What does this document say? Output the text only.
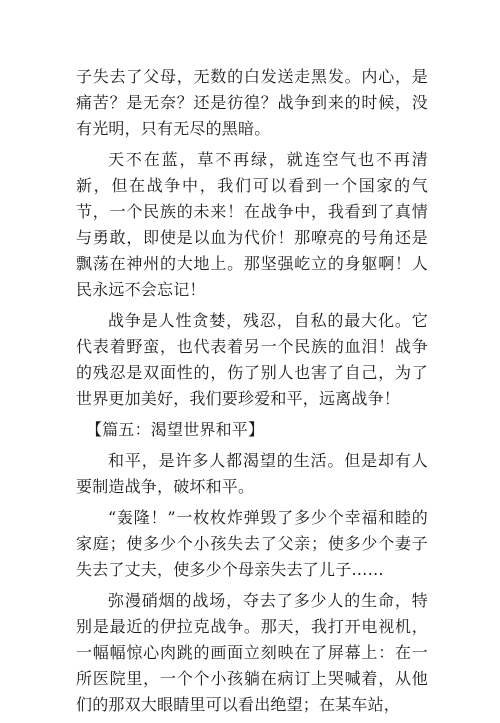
子失去了父母，无数的白发送走黑发。内心，是痛苦？是无奈？还是彷徨？战争到来的时候，没有光明，只有无尽的黑暗。

天不在蓝，草不再绿，就连空气也不再清新，但在战争中，我们可以看到一个国家的气节，一个民族的未来！在战争中，我看到了真情与勇敢，即使是以血为代价！那嘹亮的号角还是飘荡在神州的大地上。那坚强屹立的身躯啊！人民永远不会忘记！

战争是人性贪婪，残忍，自私的最大化。它代表着野蛮，也代表着另一个民族的血泪！战争的残忍是双面性的，伤了别人也害了自己，为了世界更加美好，我们要珍爱和平，远离战争！

【篇五：渴望世界和平】

和平，是许多人都渴望的生活。但是却有人要制造战争，破坏和平。

“轰隆！”一枚枚炸弹毁了多少个幸福和睦的家庭；使多少个小孩失去了父亲；使多少个妻子失去了丈夫，使多少个母亲失去了儿子……

弥漫硝烟的战场，夺去了多少人的生命，特别是最近的伊拉克战争。那天，我打开电视机，一幅幅惊心肉跳的画面立刻映在了屏幕上：在一所医院里，一个个小孩躺在病订上哭喊着，从他们的那双大眼睛里可以看出绝望；在某车站，
